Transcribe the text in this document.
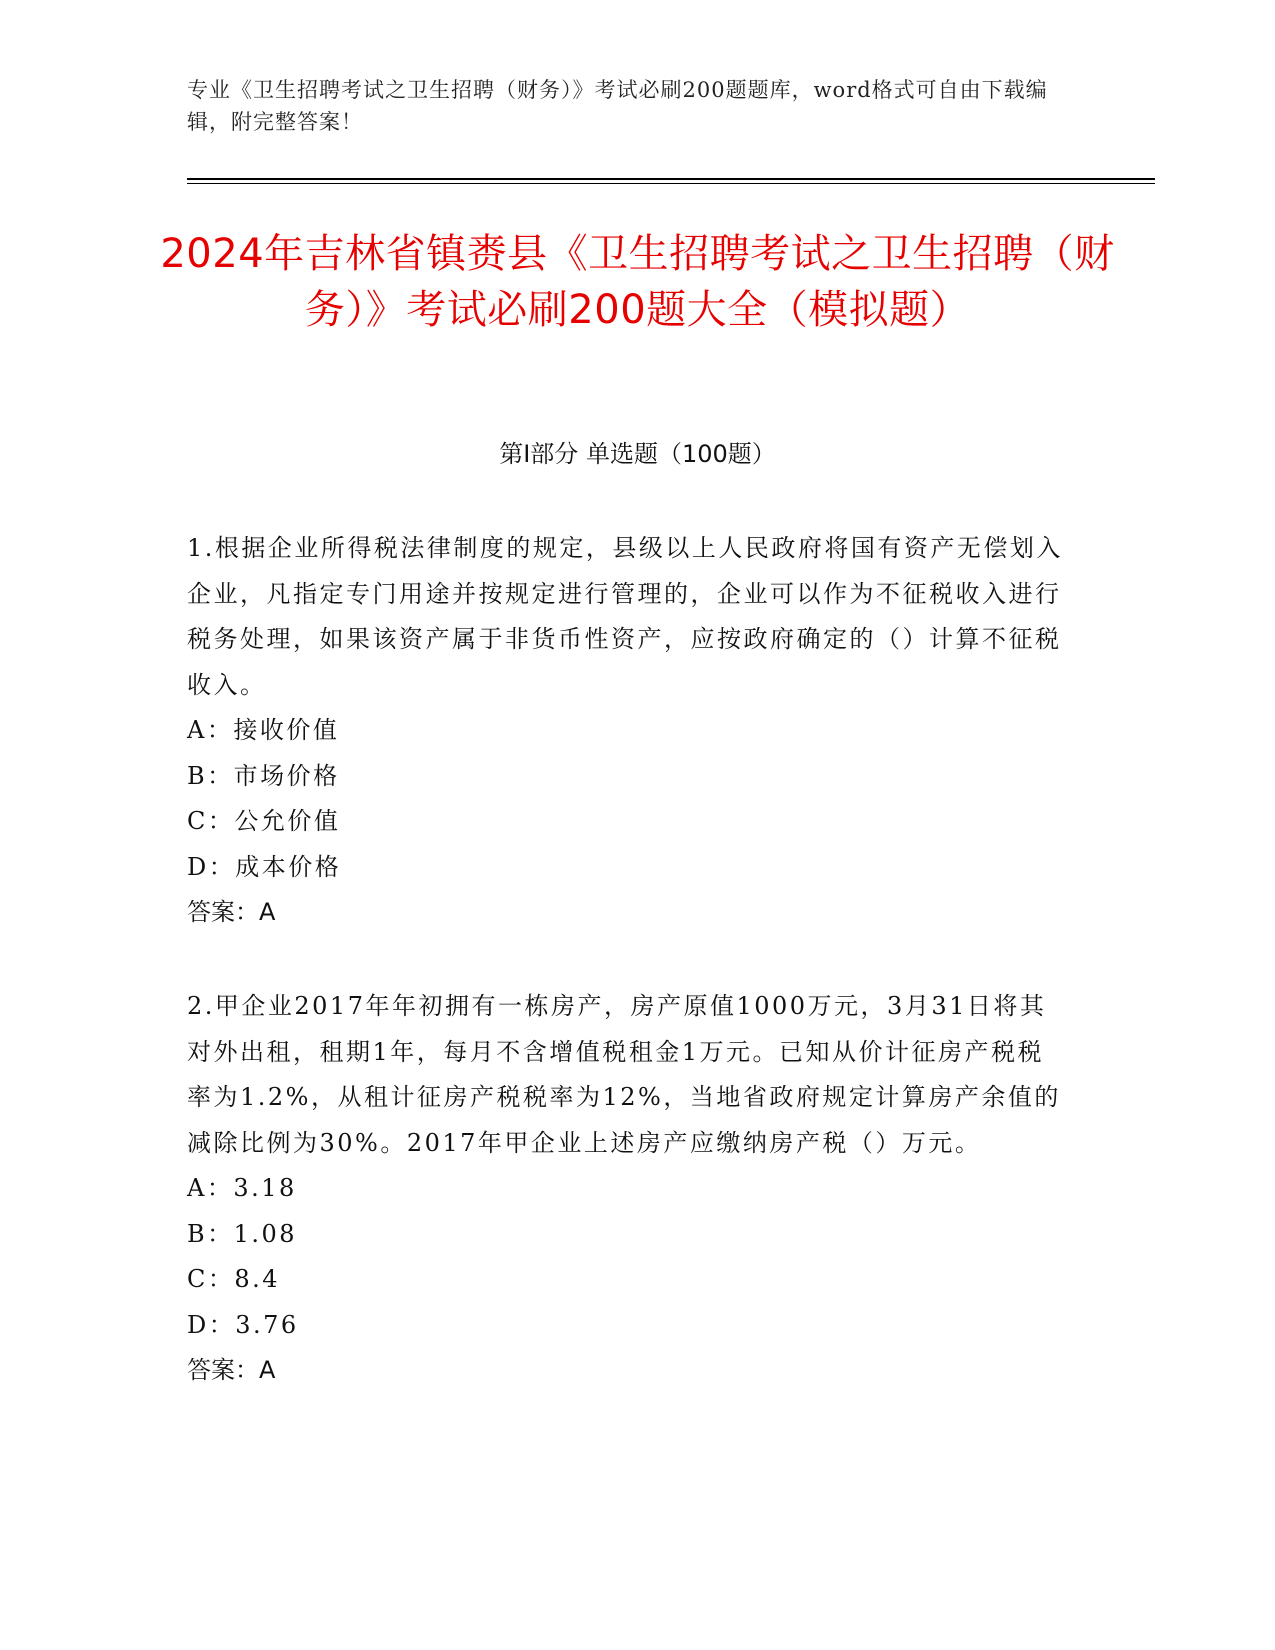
专业《卫生招聘考试之卫生招聘（财务）》考试必刷200题题库，word格式可自由下载编辑，附完整答案！
2024年吉林省镇赉县《卫生招聘考试之卫生招聘（财务）》考试必刷200题大全（模拟题）
第I部分 单选题（100题）

1.根据企业所得税法律制度的规定，县级以上人民政府将国有资产无偿划入企业，凡指定专门用途并按规定进行管理的，企业可以作为不征税收入进行税务处理，如果该资产属于非货币性资产，应按政府确定的（）计算不征税收入。

A：接收价值

B：市场价格

C：公允价值

D：成本价格

答案：A

2.甲企业2017年年初拥有一栋房产，房产原值1000万元，3月31日将其对外出租，租期1年，每月不含增值税租金1万元。已知从价计征房产税税率为1.2%，从租计征房产税税率为12%，当地省政府规定计算房产余值的减除比例为30%。2017年甲企业上述房产应缴纳房产税（）万元。

A：3.18

B：1.08

C：8.4

D：3.76

答案：A
